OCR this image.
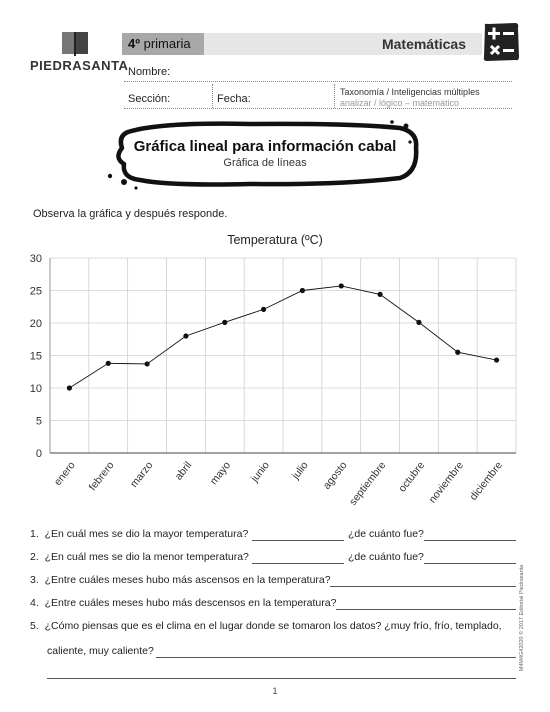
PIEDRASANTA
4º primaria	Matemáticas
Nombre:
Sección:	Fecha:
Taxonomía / Inteligencias múltiples
analizar / lógico – matemático
Gráfica lineal para información cabal
Gráfica de líneas
Observa la gráfica y después responde.
Temperatura (ºC)
0
5
10
15
20
25
30
enero febrero marzo abril mayo junio julio agosto
septiembre octubre noviembre diciembre
1. ¿En cuál mes se dio la mayor temperatura?	¿de cuánto fue?
2. ¿En cuál mes se dio la menor temperatura?	¿de cuánto fue?
3. ¿Entre cuáles meses hubo más ascensos en la temperatura?
4. ¿Entre cuáles meses hubo más descensos en la temperatura?
5. ¿Cómo piensas que es el clima en el lugar donde se tomaron los datos? ¿muy frío, frío, templado,
caliente, muy caliente?	M4M4G42020 © 2017 Editorial Piedrasanta
1
